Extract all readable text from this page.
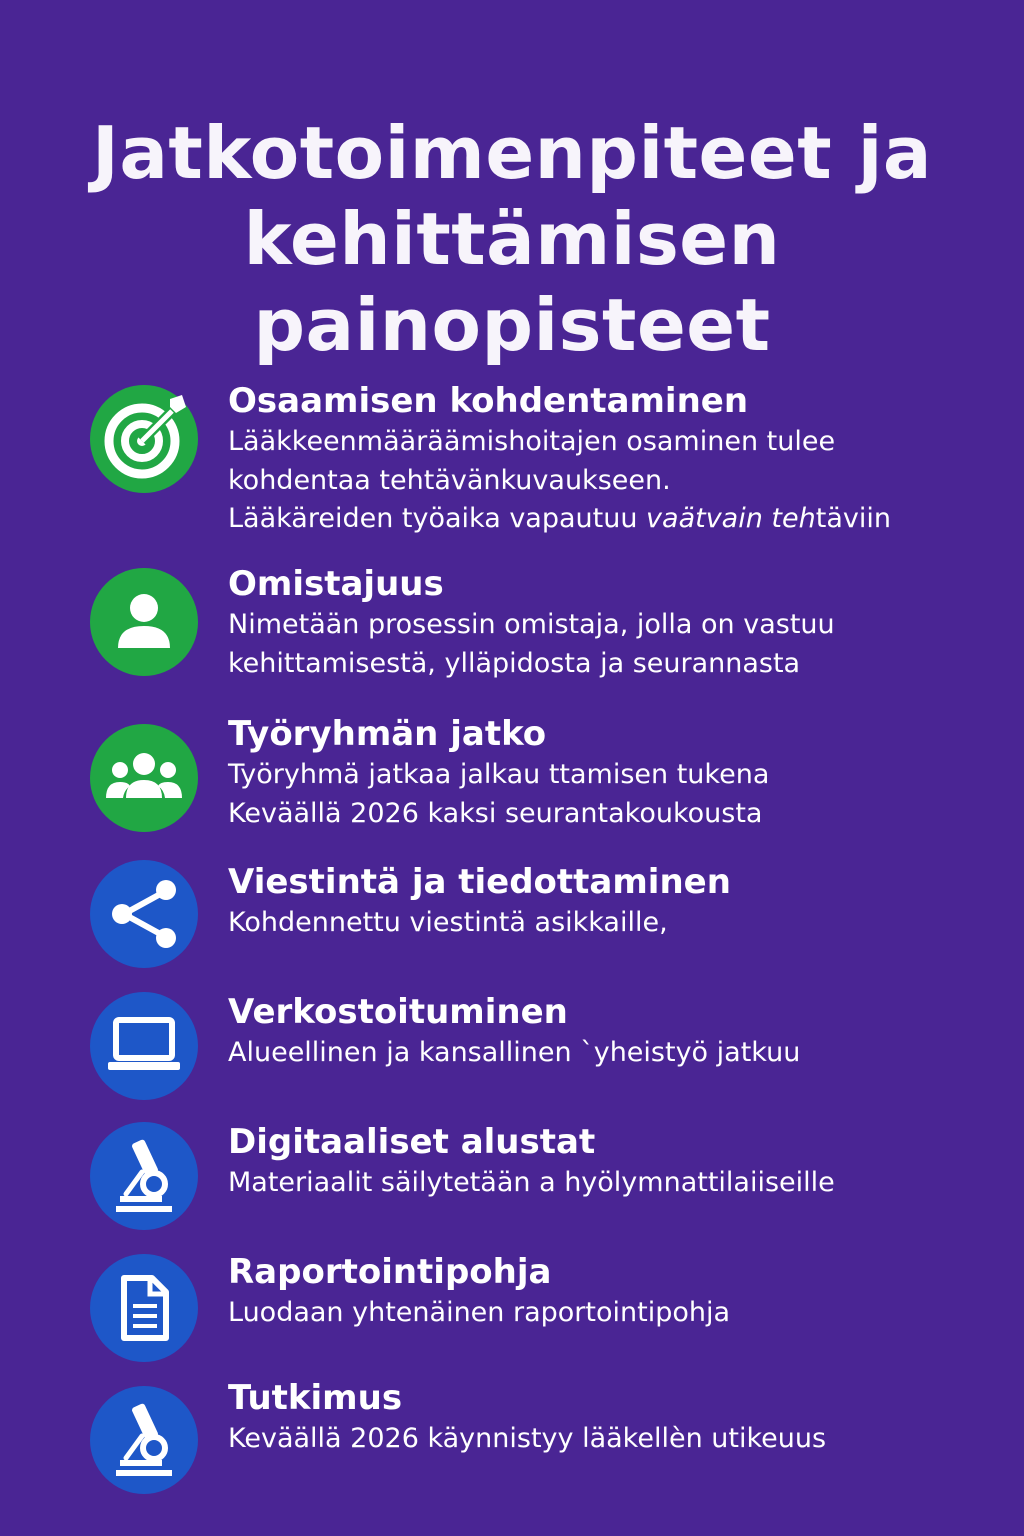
Jatkotoimenpiteet ja
kehittämisen
painopisteet
Osaamisen kohdentaminen
Lääkkeenmääräämishoitajen osaminen tulee
kohdentaa tehtävänkuvaukseen.
Lääkäreiden työaika vapautuu vaätvain tehtäviin
Omistajuus
Nimetään prosessin omistaja, jolla on vastuu
kehittamisestä, ylläpidosta ja seurannasta
Työryhmän jatko
Työryhmä jatkaa jalkau ttamisen tukena
Keväällä 2026 kaksi seurantakoukousta
Viestintä ja tiedottaminen
Kohdennettu viestintä asikkaille,
Verkostoituminen
Alueellinen ja kansallinen `yheistyö jatkuu
Digitaaliset alustat
Materiaalit säilytetään a hyölymnattilaiiseille
Raportointipohja
Luodaan yhtenäinen raportointipohja
Tutkimus
Keväällä 2026 käynnistyy lääkellèn utikeuus
